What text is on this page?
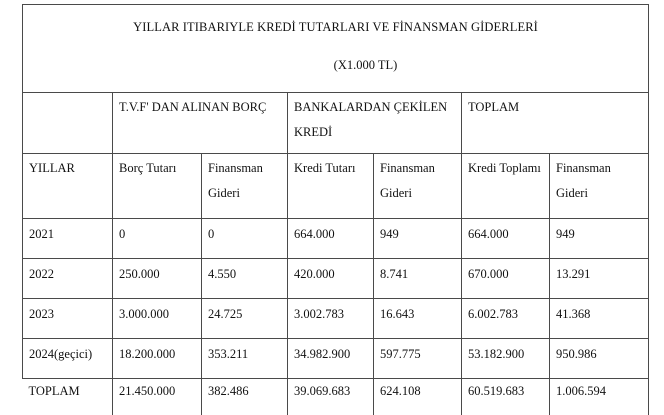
YILLAR ITIBARIYLE KREDİ TUTARLARI VE FİNANSMAN GİDERLERİ
(X1.000 TL)						

	T.V.F' DAN ALINAN BORÇ		BANKALARDAN ÇEKİLEN KREDİ		TOPLAM	
YILLAR	Borç Tutarı	Finansman Gideri	Kredi Tutarı	Finansman Gideri	Kredi Toplamı	Finansman Gideri
2021	0	0	664.000	949	664.000	949
2022	250.000	4.550	420.000	8.741	670.000	13.291
2023	3.000.000	24.725	3.002.783	16.643	6.002.783	41.368
2024(geçici)	18.200.000	353.211	34.982.900	597.775	53.182.900	950.986
TOPLAM	21.450.000	382.486	39.069.683	624.108	60.519.683	1.006.594
